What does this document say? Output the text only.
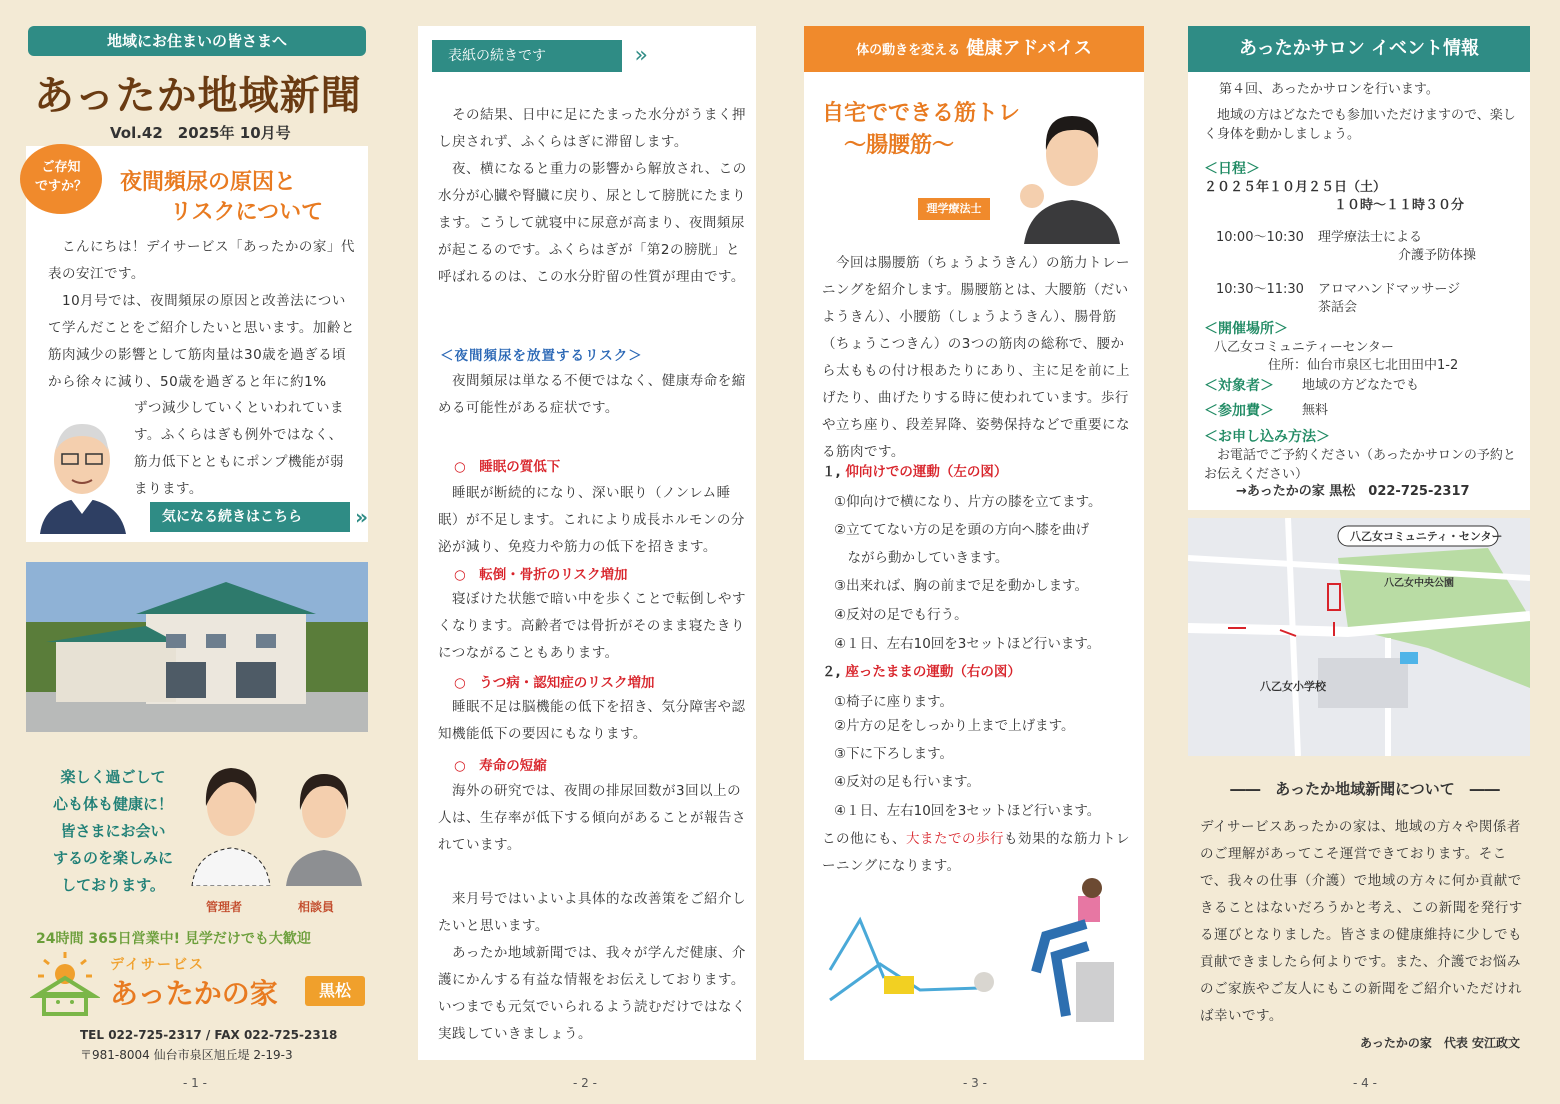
地域にお住まいの皆さまへ
あったか地域新聞
Vol.42　2025年 10月号
ご存知
ですか？	夜間頻尿の原因と
リスクについて

　こんにちは！デイサービス「あったかの家」代表の安江です。

　10月号では、夜間頻尿の原因と改善法について学んだことをご紹介したいと思います。加齢と筋肉減少の影響として筋肉量は30歳を過ぎる頃から徐々に減り、50歳を過ぎると年に約1%

ずつ減少していくといわれています。ふくらはぎも例外ではなく、筋力低下とともにポンプ機能が弱まります。

気になる続きはこちら	»
楽しく過ごして
心も体も健康に！
皆さまにお会い
するのを楽しみに
しております。
管理者	相談員
24時間 365日営業中! 見学だけでも大歓迎
デイサービス
あったかの家	黒松
TEL 022-725-2317 / FAX 022-725-2318
〒981-8004 仙台市泉区旭丘堤 2-19-3
- 1 -
表紙の続きです	»

　その結果、日中に足にたまった水分がうまく押し戻されず、ふくらはぎに滞留します。

　夜、横になると重力の影響から解放され、この水分が心臓や腎臓に戻り、尿として膀胱にたまります。こうして就寝中に尿意が高まり、夜間頻尿が起こるのです。ふくらはぎが「第2の膀胱」と呼ばれるのは、この水分貯留の性質が理由です。

＜夜間頻尿を放置するリスク＞

　夜間頻尿は単なる不便ではなく、健康寿命を縮める可能性がある症状です。

○　睡眠の質低下

　睡眠が断続的になり、深い眠り（ノンレム睡眠）が不足します。これにより成長ホルモンの分泌が減り、免疫力や筋力の低下を招きます。

○　転倒・骨折のリスク増加

　寝ぼけた状態で暗い中を歩くことで転倒しやすくなります。高齢者では骨折がそのまま寝たきりにつながることもあります。

○　うつ病・認知症のリスク増加

　睡眠不足は脳機能の低下を招き、気分障害や認知機能低下の要因にもなります。

○　寿命の短縮

　海外の研究では、夜間の排尿回数が3回以上の人は、生存率が低下する傾向があることが報告されています。

　来月号ではいよいよ具体的な改善策をご紹介したいと思います。

　あったか地域新聞では、我々が学んだ健康、介護にかんする有益な情報をお伝えしております。いつまでも元気でいられるよう読むだけではなく実践していきましょう。

- 2 -
体の動きを変える 健康アドバイス
自宅でできる筋トレ
〜腸腰筋〜
理学療法士

　今回は腸腰筋（ちょうようきん）の筋力トレーニングを紹介します。腸腰筋とは、大腰筋（だいようきん）、小腰筋（しょうようきん）、腸骨筋（ちょうこつきん）の3つの筋肉の総称で、腰から太ももの付け根あたりにあり、主に足を前に上げたり、曲げたりする時に使われています。歩行や立ち座り、段差昇降、姿勢保持などで重要になる筋肉です。

１, 仰向けでの運動（左の図）
①仰向けで横になり、片方の膝を立てます。
②立ててない方の足を頭の方向へ膝を曲げ
　ながら動かしていきます。
③出来れば、胸の前まで足を動かします。
④反対の足でも行う。
④１日、左右10回を3セットほど行います。
２, 座ったままの運動（右の図）
①椅子に座ります。
②片方の足をしっかり上まで上げます。
③下に下ろします。
④反対の足も行います。
④１日、左右10回を3セットほど行います。

この他にも、大またでの歩行も効果的な筋力トレーニングになります。

- 3 -
あったかサロン イベント情報
　第４回、あったかサロンを行います。
　地域の方はどなたでも参加いただけますので、楽しく身体を動かしましょう。
＜日程＞
２０２５年１０月２５日（土）
１０時〜１１時３０分
10:00〜10:30 理学療法士による
介護予防体操
10:30〜11:30 アロマハンドマッサージ
茶話会
＜開催場所＞
八乙女コミュニティーセンター
住所：仙台市泉区七北田田中1-2
＜対象者＞ 地域の方どなたでも
＜参加費＞ 無料
＜お申し込み方法＞
　お電話でご予約ください（あったかサロンの予約とお伝えください）
→あったかの家 黒松　022-725-2317
八乙女コミュニティ・センター
八乙女中央公園
八乙女小学校
――　あったか地域新聞について　――

デイサービスあったかの家は、地域の方々や関係者のご理解があってこそ運営できております。そこで、我々の仕事（介護）で地域の方々に何か貢献できることはないだろうかと考え、この新聞を発行する運びとなりました。皆さまの健康維持に少しでも貢献できましたら何よりです。また、介護でお悩みのご家族やご友人にもこの新聞をご紹介いただければ幸いです。

あったかの家　代表 安江政文
- 4 -
